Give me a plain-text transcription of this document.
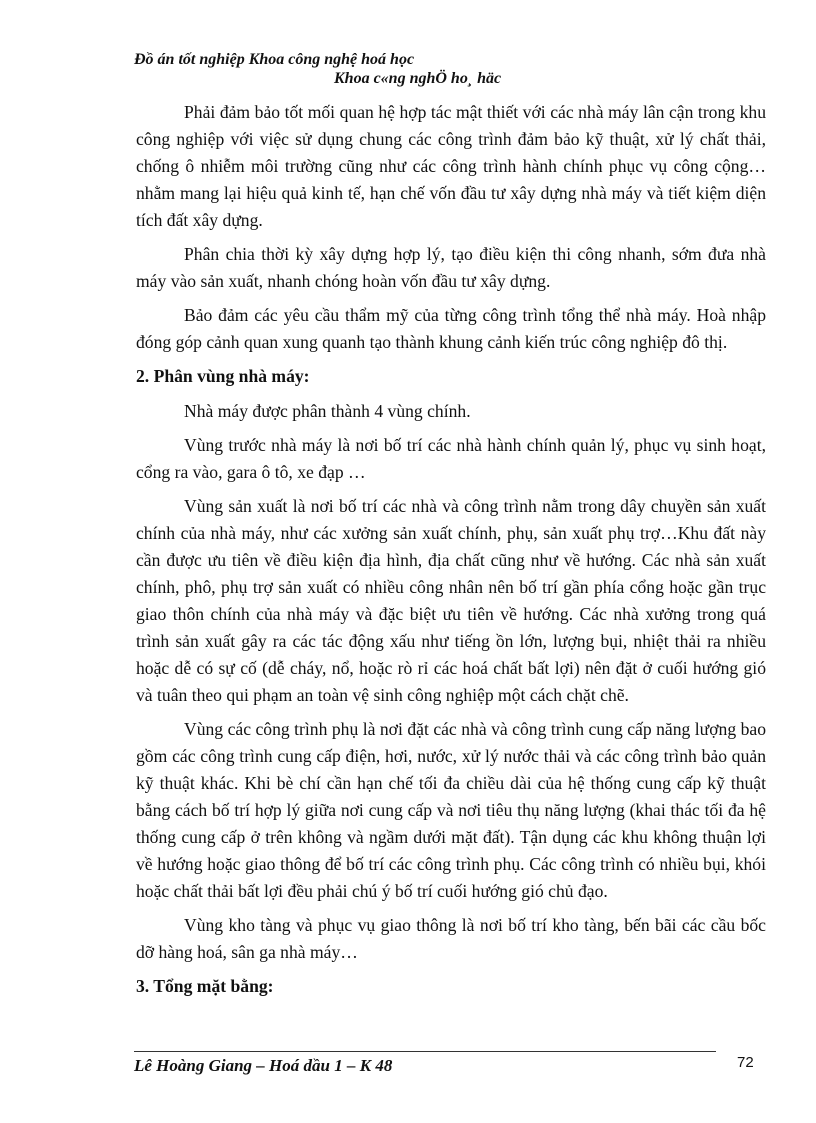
Đồ án tốt nghiệp Khoa công nghệ hoá học
Khoa c«ng nghÖ ho¸ häc

Phải đảm bảo tốt mối quan hệ hợp tác mật thiết với các nhà máy lân cận trong khu công nghiệp với việc sử dụng chung các công trình đảm bảo kỹ thuật, xử lý chất thải, chống ô nhiễm môi trường cũng như các công trình hành chính phục vụ công cộng…nhằm mang lại hiệu quả kinh tế, hạn chế vốn đầu tư xây dựng nhà máy và tiết kiệm diện tích đất xây dựng.

Phân chia thời kỳ xây dựng hợp lý, tạo điều kiện thi công nhanh, sớm đưa nhà máy vào sản xuất, nhanh chóng hoàn vốn đầu tư xây dựng.

Bảo đảm các yêu cầu thẩm mỹ của từng công trình tổng thể nhà máy. Hoà nhập đóng góp cảnh quan xung quanh tạo thành khung cảnh kiến trúc công nghiệp đô thị.

2. Phân vùng nhà máy:

Nhà máy được phân thành 4 vùng chính.

Vùng trước nhà máy là nơi bố trí các nhà hành chính quản lý, phục vụ sinh hoạt, cổng ra vào, gara ô tô, xe đạp …

Vùng sản xuất là nơi bố trí các nhà và công trình nằm trong dây chuyền sản xuất chính của nhà máy, như các xưởng sản xuất chính, phụ, sản xuất phụ trợ…Khu đất này cần được ưu tiên về điều kiện địa hình, địa chất cũng như về hướng. Các nhà sản xuất chính, phô, phụ trợ sản xuất có nhiều công nhân nên bố trí gần phía cổng hoặc gần trục giao thôn chính của nhà máy và đặc biệt ưu tiên về hướng. Các nhà xưởng trong quá trình sản xuất gây ra các tác động xấu như tiếng ồn lớn, lượng bụi, nhiệt thải ra nhiều hoặc dễ có sự cố (dễ cháy, nổ, hoặc rò rỉ các hoá chất bất lợi) nên đặt ở cuối hướng gió và tuân theo qui phạm an toàn vệ sinh công nghiệp một cách chặt chẽ.

Vùng các công trình phụ là nơi đặt các nhà và công trình cung cấp năng lượng bao gồm các công trình cung cấp điện, hơi, nước, xử lý nước thải và các công trình bảo quản kỹ thuật khác. Khi bè chí cần hạn chế tối đa chiều dài của hệ thống cung cấp kỹ thuật bằng cách bố trí hợp lý giữa nơi cung cấp và nơi tiêu thụ năng lượng (khai thác tối đa hệ thống cung cấp ở trên không và ngầm dưới mặt đất). Tận dụng các khu không thuận lợi về hướng hoặc giao thông để bố trí các công trình phụ. Các công trình có nhiều bụi, khói hoặc chất thải bất lợi đều phải chú ý bố trí cuối hướng gió chủ đạo.

Vùng kho tàng và phục vụ giao thông là nơi bố trí kho tàng, bến bãi các cầu bốc dỡ hàng hoá, sân ga nhà máy…

3. Tổng mặt bằng:
Lê Hoàng Giang – Hoá dầu 1 – K 48	72
